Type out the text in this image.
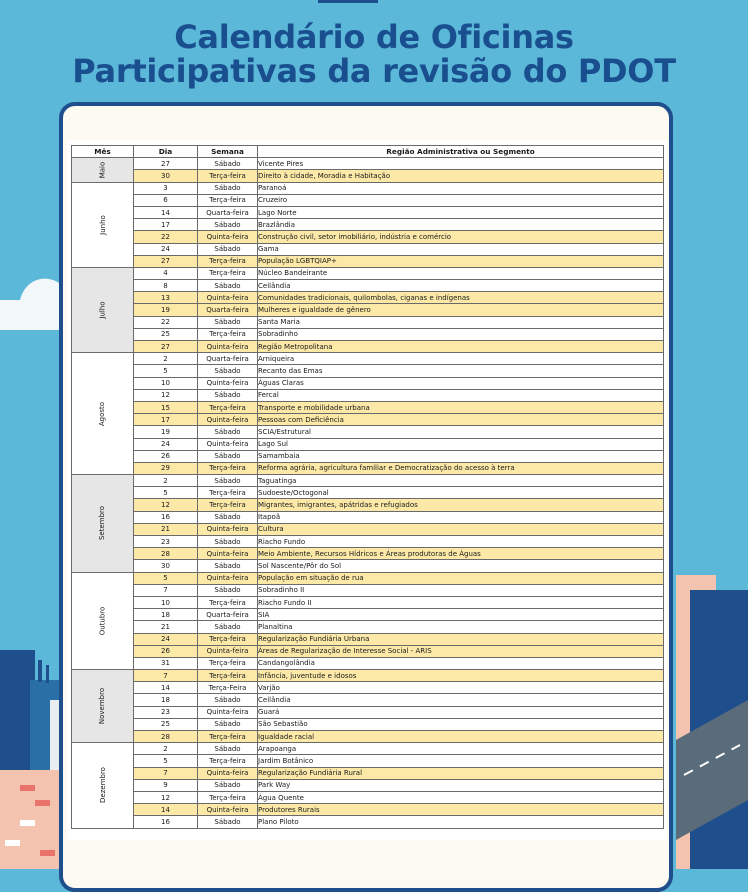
Calendário de Oficinas
Participativas da revisão do PDOT
Mês	Dia	Semana	Região Administrativa ou Segmento
Maio	27	Sábado	Vicente Pires
	30	Terça-feira	Direito à cidade, Moradia e Habitação
Junho	3	Sábado	Paranoá
	6	Terça-feira	Cruzeiro
	14	Quarta-feira	Lago Norte
	17	Sábado	Brazlândia
	22	Quinta-feira	Construção civil, setor imobiliário, indústria e comércio
	24	Sábado	Gama
	27	Terça-feira	População LGBTQIAP+
Julho	4	Terça-feira	Núcleo Bandeirante
	8	Sábado	Ceilândia
	13	Quinta-feira	Comunidades tradicionais, quilombolas, ciganas e indígenas
	19	Quarta-feira	Mulheres e igualdade de gênero
	22	Sábado	Santa Maria
	25	Terça-feira	Sobradinho
	27	Quinta-feira	Região Metropolitana
Agosto	2	Quarta-feira	Arniqueira
	5	Sábado	Recanto das Emas
	10	Quinta-feira	Águas Claras
	12	Sábado	Fercal
	15	Terça-feira	Transporte e mobilidade urbana
	17	Quinta-feira	Pessoas com Deficiência
	19	Sábado	SCIA/Estrutural
	24	Quinta-feira	Lago Sul
	26	Sábado	Samambaia
	29	Terça-feira	Reforma agrária, agricultura familiar e Democratização do acesso à terra
Setembro	2	Sábado	Taguatinga
	5	Terça-feira	Sudoeste/Octogonal
	12	Terça-feira	Migrantes, imigrantes, apátridas e refugiados
	16	Sábado	Itapoã
	21	Quinta-feira	Cultura
	23	Sábado	Riacho Fundo
	28	Quinta-feira	Meio Ambiente, Recursos Hídricos e Áreas produtoras de Águas
	30	Sábado	Sol Nascente/Pôr do Sol
Outubro	5	Quinta-feira	População em situação de rua
	7	Sábado	Sobradinho II
	10	Terça-feira	Riacho Fundo II
	18	Quarta-feira	SIA
	21	Sábado	Planaltina
	24	Terça-feira	Regularização Fundiária Urbana
	26	Quinta-feira	Áreas de Regularização de Interesse Social - ARIS
	31	Terça-feira	Candangolândia
Novembro	7	Terça-feira	Infância, juventude e idosos
	14	Terça-Feira	Varjão
	18	Sábado	Ceilândia
	23	Quinta-feira	Guará
	25	Sábado	São Sebastião
	28	Terça-feira	Igualdade racial
Dezembro	2	Sábado	Arapoanga
	5	Terça-feira	Jardim Botânico
	7	Quinta-feira	Regularização Fundiária Rural
	9	Sábado	Park Way
	12	Terça-feira	Água Quente
	14	Quinta-feira	Produtores Rurais
	16	Sábado	Plano Piloto
